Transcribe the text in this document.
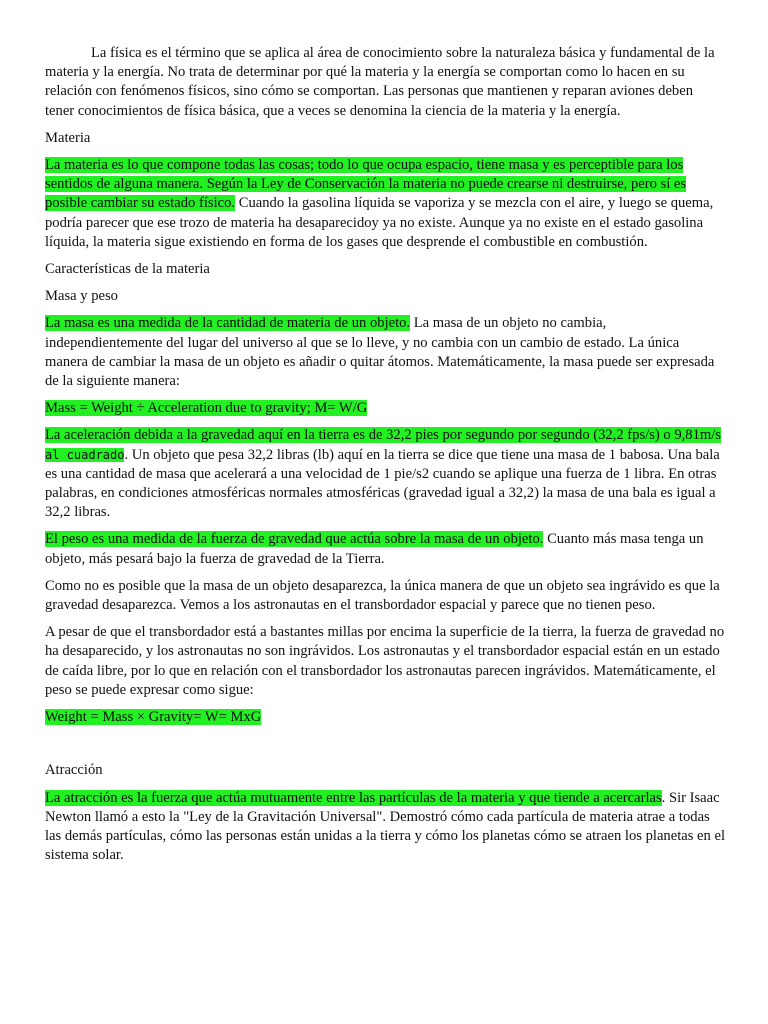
La física es el término que se aplica al área de conocimiento sobre la naturaleza básica y fundamental de la materia y la energía. No trata de determinar por qué la materia y la energía se comportan como lo hacen en su relación con fenómenos físicos, sino cómo se comportan. Las personas que mantienen y reparan aviones deben tener conocimientos de física básica, que a veces se denomina la ciencia de la materia y la energía.

Materia

La materia es lo que compone todas las cosas; todo lo que ocupa espacio, tiene masa y es perceptible para los sentidos de alguna manera. Según la Ley de Conservación la materia no puede crearse ni destruirse, pero sí es posible cambiar su estado físico. Cuando la gasolina líquida se vaporiza y se mezcla con el aire, y luego se quema, podría parecer que ese trozo de materia ha desaparecidoy ya no existe. Aunque ya no existe en el estado gasolina líquida, la materia sigue existiendo en forma de los gases que desprende el combustible en combustión.

Características de la materia

Masa y peso

La masa es una medida de la cantidad de materia de un objeto. La masa de un objeto no cambia, independientemente del lugar del universo al que se lo lleve, y no cambia con un cambio de estado. La única manera de cambiar la masa de un objeto es añadir o quitar átomos. Matemáticamente, la masa puede ser expresada de la siguiente manera:

Mass = Weight ÷ Acceleration due to gravity; M= W/G

La aceleración debida a la gravedad aquí en la tierra es de 32,2 pies por segundo por segundo (32,2 fps/s) o 9,81m/s al cuadrado. Un objeto que pesa 32,2 libras (lb) aquí en la tierra se dice que tiene una masa de 1 babosa. Una bala es una cantidad de masa que acelerará a una velocidad de 1 pie/s2 cuando se aplique una fuerza de 1 libra. En otras palabras, en condiciones atmosféricas normales atmosféricas (gravedad igual a 32,2) la masa de una bala es igual a 32,2 libras.

El peso es una medida de la fuerza de gravedad que actúa sobre la masa de un objeto. Cuanto más masa tenga un objeto, más pesará bajo la fuerza de gravedad de la Tierra.

Como no es posible que la masa de un objeto desaparezca, la única manera de que un objeto sea ingrávido es que la gravedad desaparezca. Vemos a los astronautas en el transbordador espacial y parece que no tienen peso.

A pesar de que el transbordador está a bastantes millas por encima la superficie de la tierra, la fuerza de gravedad no ha desaparecido, y los astronautas no son ingrávidos. Los astronautas y el transbordador espacial están en un estado de caída libre, por lo que en relación con el transbordador los astronautas parecen ingrávidos. Matemáticamente, el peso se puede expresar como sigue:

Weight = Mass × Gravity= W= MxG

Atracción

La atracción es la fuerza que actúa mutuamente entre las partículas de la materia y que tiende a acercarlas. Sir Isaac Newton llamó a esto la "Ley de la Gravitación Universal". Demostró cómo cada partícula de materia atrae a todas las demás partículas, cómo las personas están unidas a la tierra y cómo los planetas cómo se atraen los planetas en el sistema solar.
